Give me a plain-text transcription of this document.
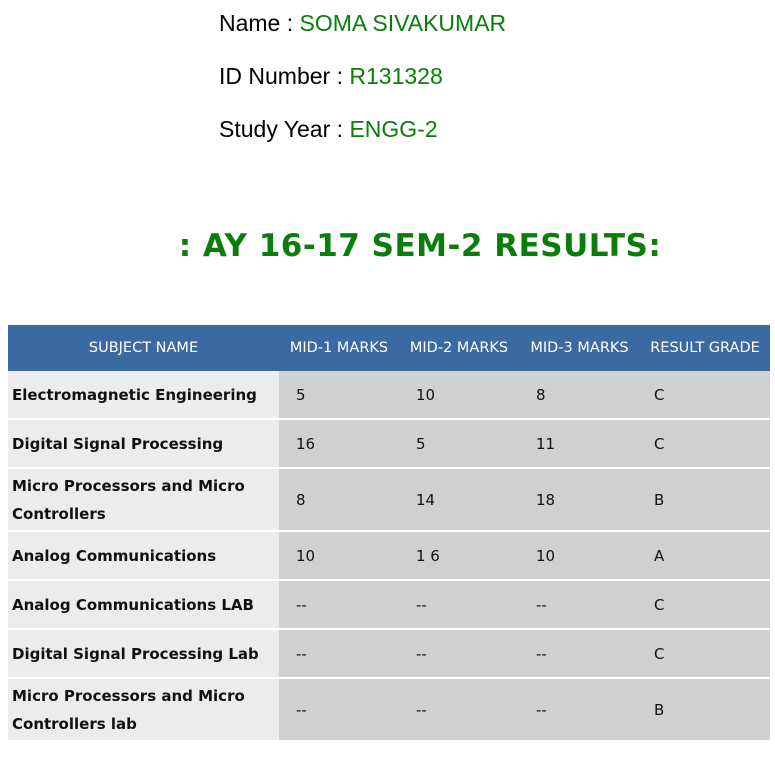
Name : SOMA SIVAKUMAR
ID Number : R131328
Study Year : ENGG-2
: AY 16-17 SEM-2 RESULTS:
SUBJECT NAME	MID-1 MARKS	MID-2 MARKS	MID-3 MARKS	RESULT GRADE
Electromagnetic Engineering	5	10	8	C
Digital Signal Processing	16	5	11	C
Micro Processors and Micro Controllers	8	14	18	B
Analog Communications	10	1 6	10	A
Analog Communications LAB	--	--	--	C
Digital Signal Processing Lab	--	--	--	C
Micro Processors and Micro Controllers lab	--	--	--	B
